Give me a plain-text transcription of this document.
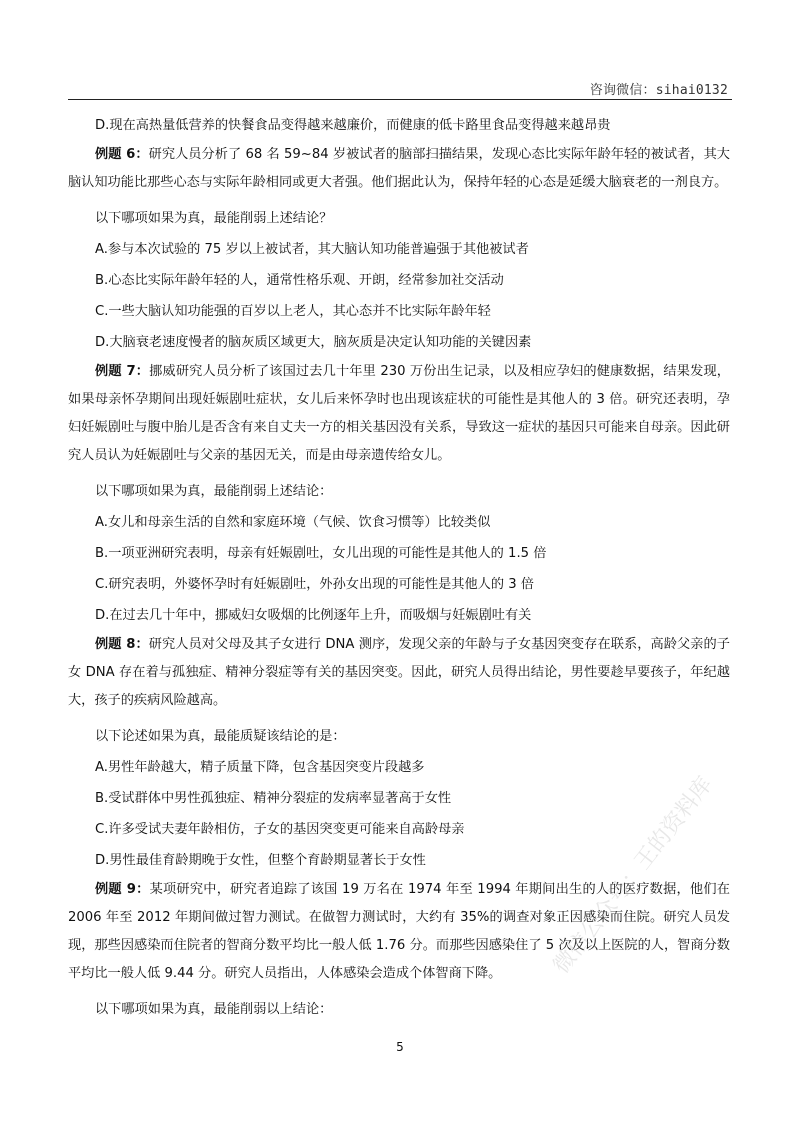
咨询微信：sihai0132

D.现在高热量低营养的快餐食品变得越来越廉价，而健康的低卡路里食品变得越来越昂贵

例题 6：研究人员分析了 68 名 59~84 岁被试者的脑部扫描结果，发现心态比实际年龄年轻的被试者，其大脑认知功能比那些心态与实际年龄相同或更大者强。他们据此认为，保持年轻的心态是延缓大脑衰老的一剂良方。

以下哪项如果为真，最能削弱上述结论？

A.参与本次试验的 75 岁以上被试者，其大脑认知功能普遍强于其他被试者

B.心态比实际年龄年轻的人，通常性格乐观、开朗，经常参加社交活动

C.一些大脑认知功能强的百岁以上老人，其心态并不比实际年龄年轻

D.大脑衰老速度慢者的脑灰质区域更大，脑灰质是决定认知功能的关键因素

例题 7：挪威研究人员分析了该国过去几十年里 230 万份出生记录，以及相应孕妇的健康数据，结果发现，如果母亲怀孕期间出现妊娠剧吐症状，女儿后来怀孕时也出现该症状的可能性是其他人的 3 倍。研究还表明，孕妇妊娠剧吐与腹中胎儿是否含有来自丈夫一方的相关基因没有关系，导致这一症状的基因只可能来自母亲。因此研究人员认为妊娠剧吐与父亲的基因无关，而是由母亲遗传给女儿。

以下哪项如果为真，最能削弱上述结论：

A.女儿和母亲生活的自然和家庭环境（气候、饮食习惯等）比较类似

B.一项亚洲研究表明，母亲有妊娠剧吐，女儿出现的可能性是其他人的 1.5 倍

C.研究表明，外婆怀孕时有妊娠剧吐，外孙女出现的可能性是其他人的 3 倍

D.在过去几十年中，挪威妇女吸烟的比例逐年上升，而吸烟与妊娠剧吐有关

例题 8：研究人员对父母及其子女进行 DNA 测序，发现父亲的年龄与子女基因突变存在联系，高龄父亲的子女 DNA 存在着与孤独症、精神分裂症等有关的基因突变。因此，研究人员得出结论，男性要趁早要孩子，年纪越大，孩子的疾病风险越高。

以下论述如果为真，最能质疑该结论的是：

A.男性年龄越大，精子质量下降，包含基因突变片段越多

B.受试群体中男性孤独症、精神分裂症的发病率显著高于女性

C.许多受试夫妻年龄相仿，子女的基因突变更可能来自高龄母亲

D.男性最佳育龄期晚于女性，但整个育龄期显著长于女性

例题 9：某项研究中，研究者追踪了该国 19 万名在 1974 年至 1994 年期间出生的人的医疗数据，他们在 2006 年至 2012 年期间做过智力测试。在做智力测试时，大约有 35%的调查对象正因感染而住院。研究人员发现，那些因感染而住院者的智商分数平均比一般人低 1.76 分。而那些因感染住了 5 次及以上医院的人，智商分数平均比一般人低 9.44 分。研究人员指出，人体感染会造成个体智商下降。

以下哪项如果为真，最能削弱以上结论：

5
微信公众号：王的资料库
